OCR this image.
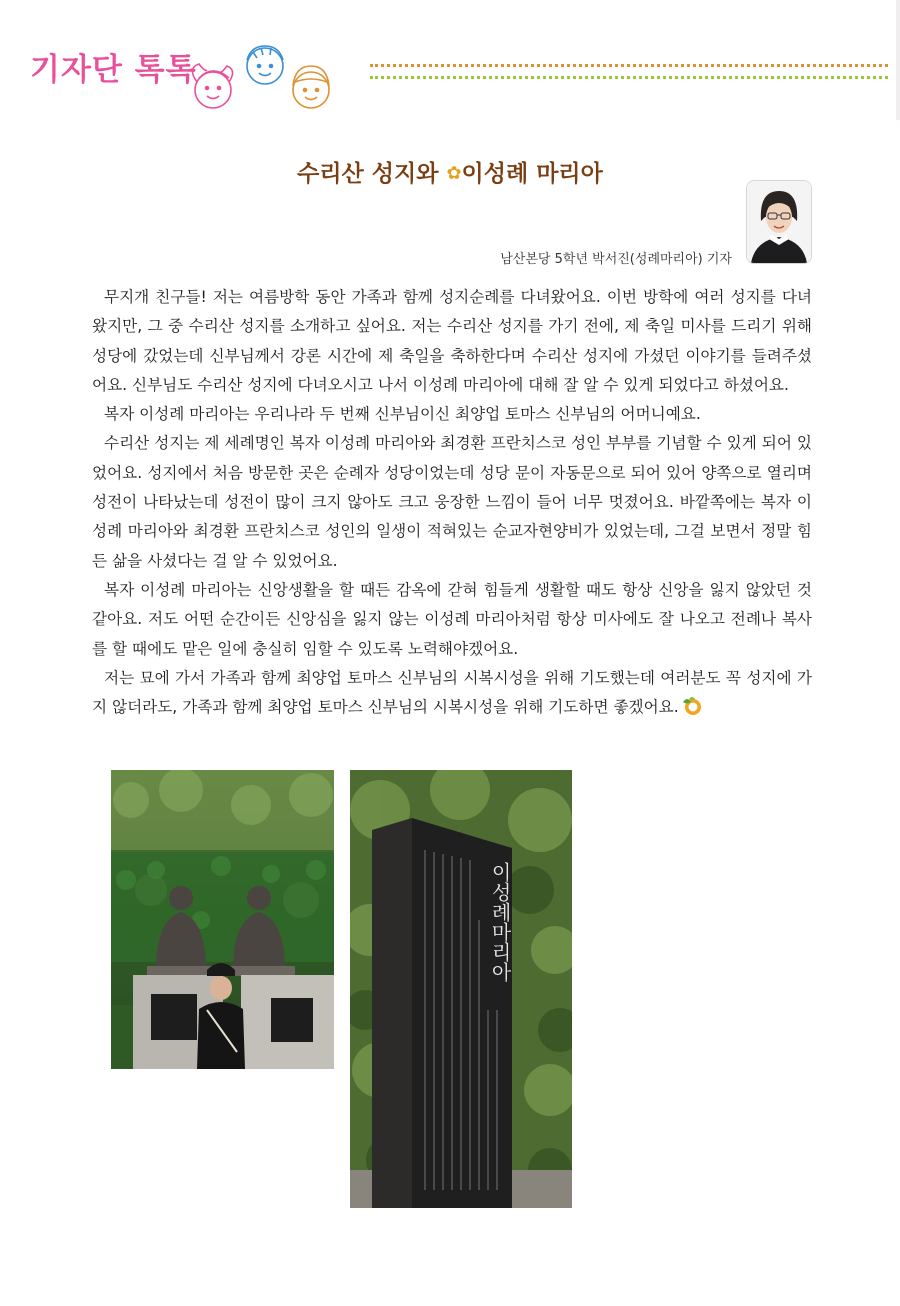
기자단 톡톡
수리산 성지와 ✿이성례 마리아
남산본당 5학년 박서진(성례마리아) 기자

무지개 친구들! 저는 여름방학 동안 가족과 함께 성지순례를 다녀왔어요. 이번 방학에 여러 성지를 다녀왔지만, 그 중 수리산 성지를 소개하고 싶어요. 저는 수리산 성지를 가기 전에, 제 축일 미사를 드리기 위해 성당에 갔었는데 신부님께서 강론 시간에 제 축일을 축하한다며 수리산 성지에 가셨던 이야기를 들려주셨어요. 신부님도 수리산 성지에 다녀오시고 나서 이성례 마리아에 대해 잘 알 수 있게 되었다고 하셨어요.

복자 이성례 마리아는 우리나라 두 번째 신부님이신 최양업 토마스 신부님의 어머니예요.

수리산 성지는 제 세례명인 복자 이성례 마리아와 최경환 프란치스코 성인 부부를 기념할 수 있게 되어 있었어요. 성지에서 처음 방문한 곳은 순례자 성당이었는데 성당 문이 자동문으로 되어 있어 양쪽으로 열리며 성전이 나타났는데 성전이 많이 크지 않아도 크고 웅장한 느낌이 들어 너무 멋졌어요. 바깥쪽에는 복자 이성례 마리아와 최경환 프란치스코 성인의 일생이 적혀있는 순교자현양비가 있었는데, 그걸 보면서 정말 힘든 삶을 사셨다는 걸 알 수 있었어요.

복자 이성례 마리아는 신앙생활을 할 때든 감옥에 갇혀 힘들게 생활할 때도 항상 신앙을 잃지 않았던 것 같아요. 저도 어떤 순간이든 신앙심을 잃지 않는 이성례 마리아처럼 항상 미사에도 잘 나오고 전례나 복사를 할 때에도 맡은 일에 충실히 임할 수 있도록 노력해야겠어요.

저는 묘에 가서 가족과 함께 최양업 토마스 신부님의 시복시성을 위해 기도했는데 여러분도 꼭 성지에 가지 않더라도, 가족과 함께 최양업 토마스 신부님의 시복시성을 위해 기도하면 좋겠어요.

이성례마리아
